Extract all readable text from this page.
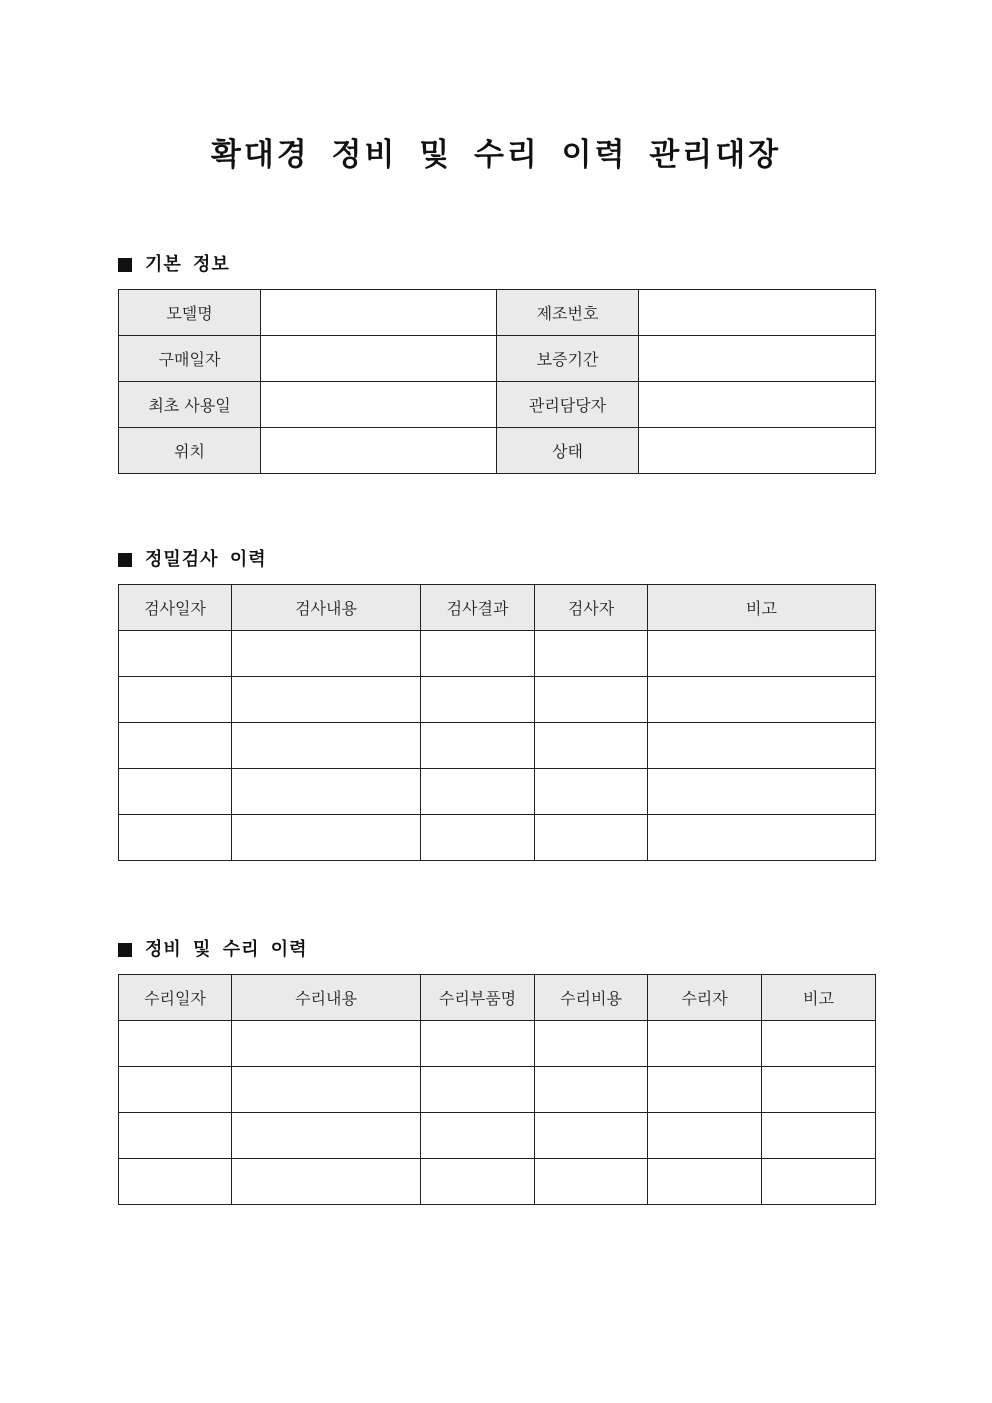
확대경 정비 및 수리 이력 관리대장
기본 정보
모델명		제조번호	
구매일자		보증기간	
최초 사용일		관리담당자	
위치		상태	
정밀검사 이력
검사일자	검사내용	검사결과	검사자	비고

정비 및 수리 이력
수리일자	수리내용	수리부품명	수리비용	수리자	비고
